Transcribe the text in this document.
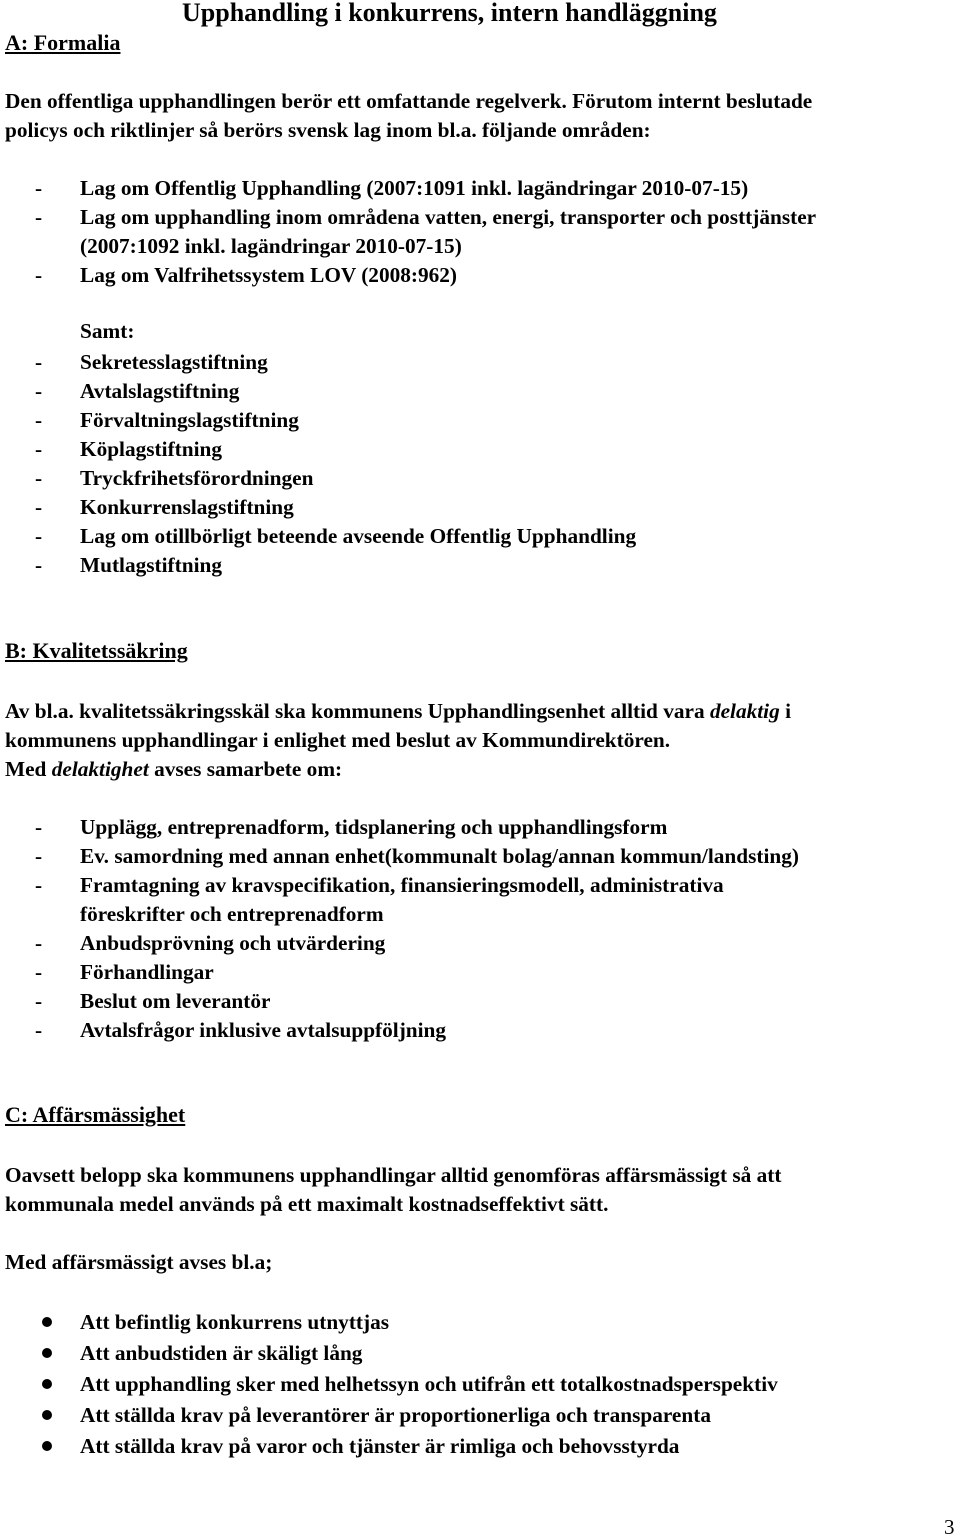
Upphandling i konkurrens, intern handläggning
A: Formalia
Den offentliga upphandlingen berör ett omfattande regelverk. Förutom internt beslutade
policys och riktlinjer så berörs svensk lag inom bl.a. följande områden:
- Lag om Offentlig Upphandling (2007:1091 inkl. lagändringar 2010-07-15)
- Lag om upphandling inom områdena vatten, energi, transporter och posttjänster
(2007:1092 inkl. lagändringar 2010-07-15)
- Lag om Valfrihetssystem LOV (2008:962)
Samt:
- Sekretesslagstiftning
- Avtalslagstiftning
- Förvaltningslagstiftning
- Köplagstiftning
- Tryckfrihetsförordningen
- Konkurrenslagstiftning
- Lag om otillbörligt beteende avseende Offentlig Upphandling
- Mutlagstiftning
B: Kvalitetssäkring
Av bl.a. kvalitetssäkringsskäl ska kommunens Upphandlingsenhet alltid vara delaktig i
kommunens upphandlingar i enlighet med beslut av Kommundirektören.
Med delaktighet avses samarbete om:
- Upplägg, entreprenadform, tidsplanering och upphandlingsform
- Ev. samordning med annan enhet(kommunalt bolag/annan kommun/landsting)
- Framtagning av kravspecifikation, finansieringsmodell, administrativa
föreskrifter och entreprenadform
- Anbudsprövning och utvärdering
- Förhandlingar
- Beslut om leverantör
- Avtalsfrågor inklusive avtalsuppföljning
C: Affärsmässighet
Oavsett belopp ska kommunens upphandlingar alltid genomföras affärsmässigt så att
kommunala medel används på ett maximalt kostnadseffektivt sätt.
Med affärsmässigt avses bl.a;
Att befintlig konkurrens utnyttjas
Att anbudstiden är skäligt lång
Att upphandling sker med helhetssyn och utifrån ett totalkostnadsperspektiv
Att ställda krav på leverantörer är proportionerliga och transparenta
Att ställda krav på varor och tjänster är rimliga och behovsstyrda
3
